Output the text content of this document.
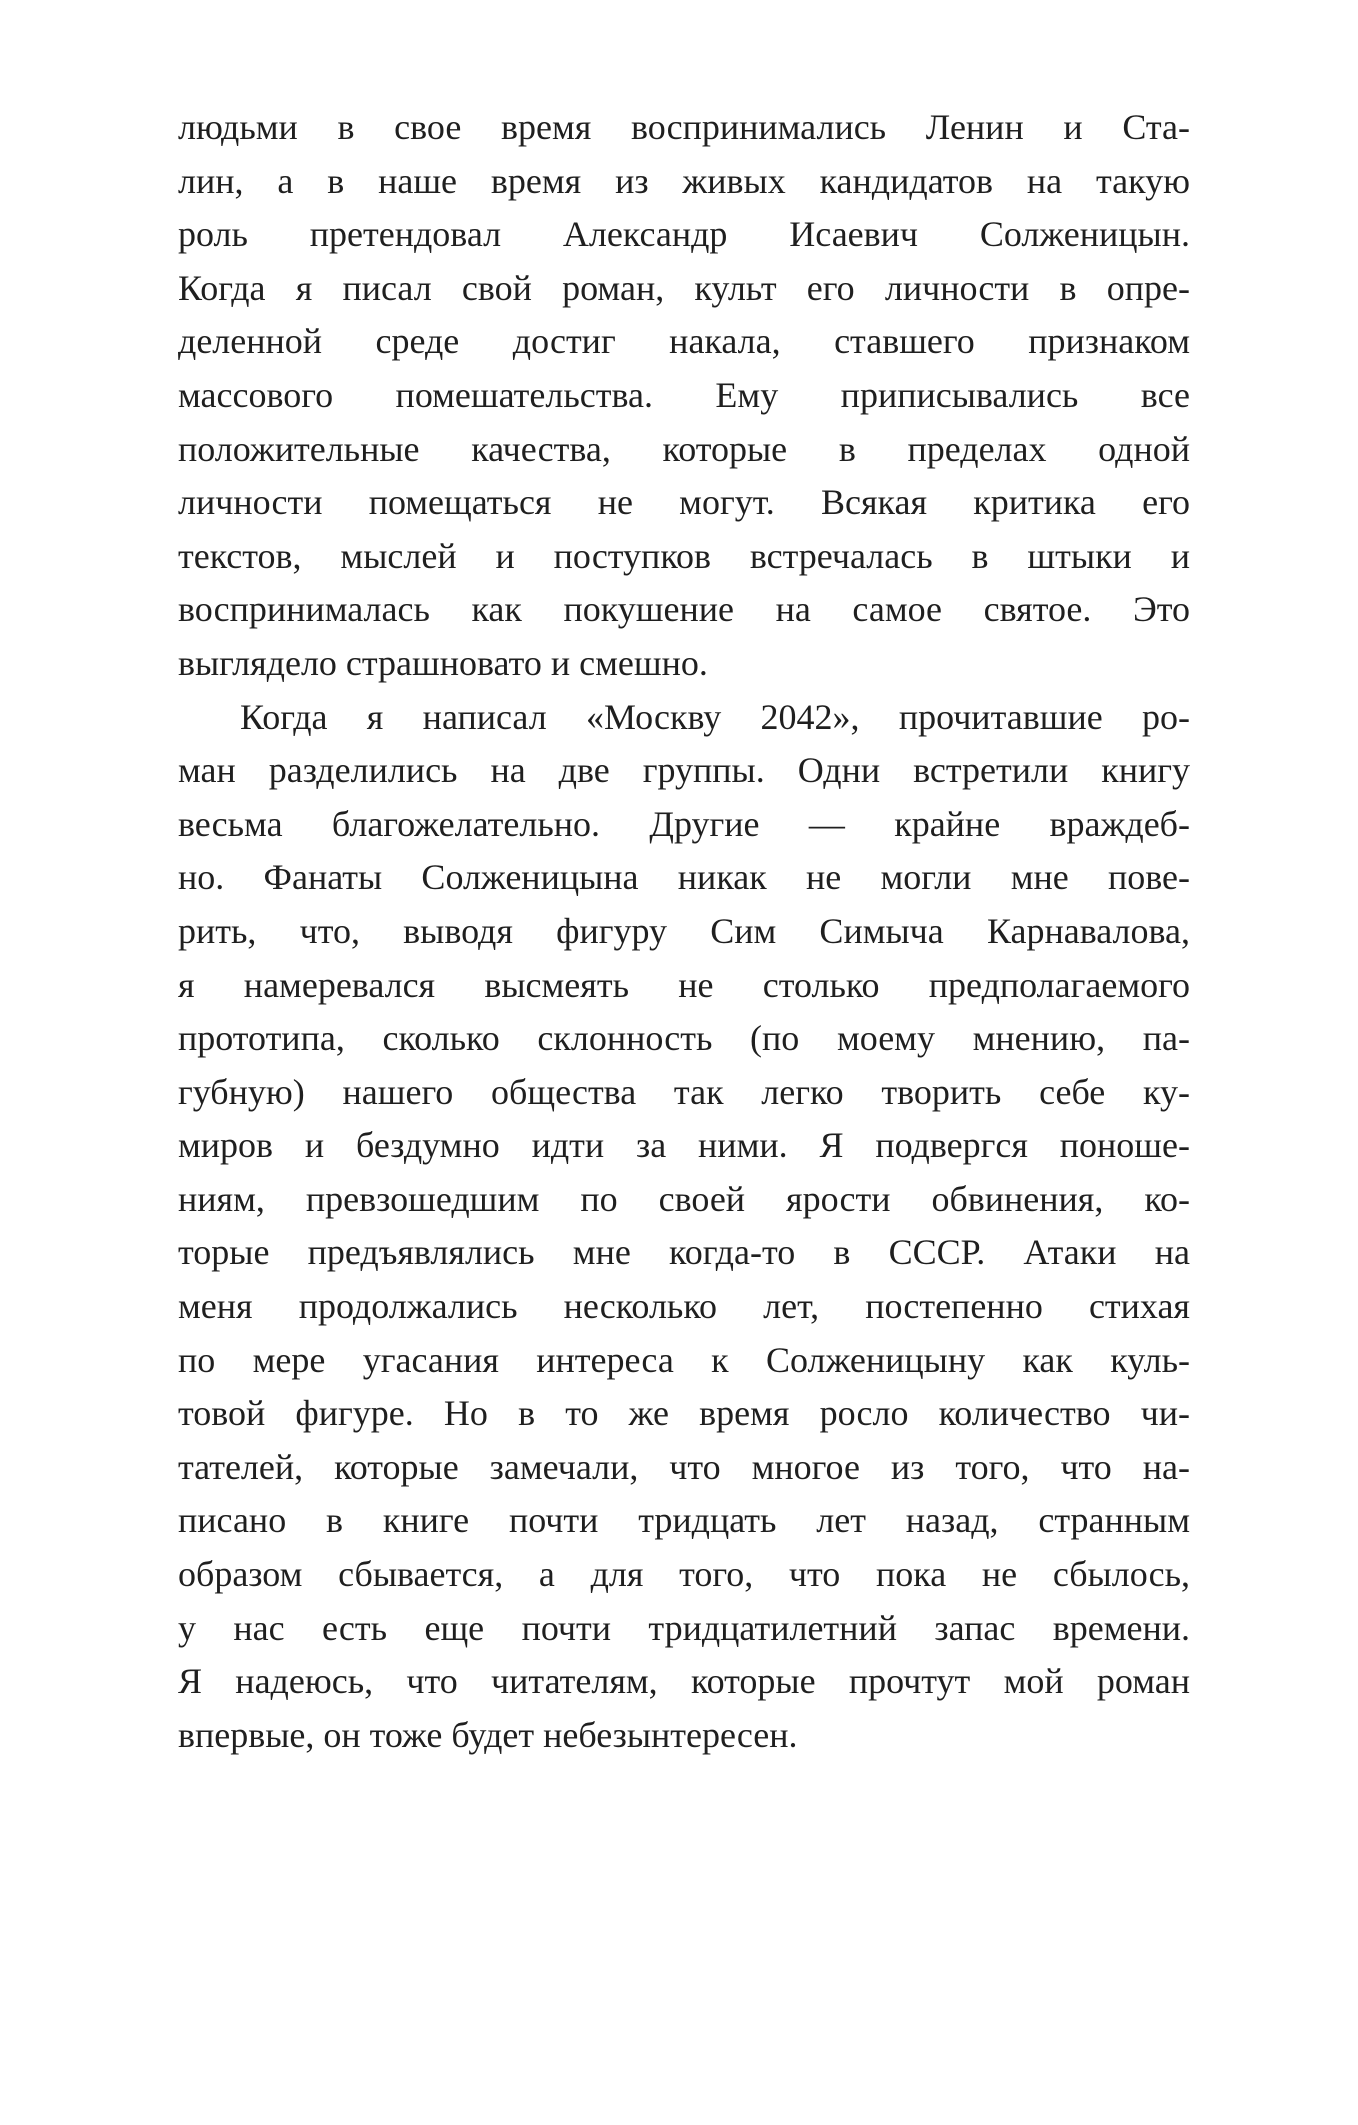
людьми в свое время воспринимались Ленин и Ста-
лин, а в наше время из живых кандидатов на такую
роль претендовал Александр Исаевич Солженицын.
Когда я писал свой роман, культ его личности в опре-
деленной среде достиг накала, ставшего признаком
массового помешательства. Ему приписывались все
положительные качества, которые в пределах одной
личности помещаться не могут. Всякая критика его
текстов, мыслей и поступков встречалась в штыки и
воспринималась как покушение на самое святое. Это
выглядело страшновато и смешно.
Когда я написал «Москву 2042», прочитавшие ро-
ман разделились на две группы. Одни встретили книгу
весьма благожелательно. Другие — крайне враждеб-
но. Фанаты Солженицына никак не могли мне пове-
рить, что, выводя фигуру Сим Симыча Карнавалова,
я намеревался высмеять не столько предполагаемого
прототипа, сколько склонность (по моему мнению, па-
губную) нашего общества так легко творить себе ку-
миров и бездумно идти за ними. Я подвергся поноше-
ниям, превзошедшим по своей ярости обвинения, ко-
торые предъявлялись мне когда-то в СССР. Атаки на
меня продолжались несколько лет, постепенно стихая
по мере угасания интереса к Солженицыну как куль-
товой фигуре. Но в то же время росло количество чи-
тателей, которые замечали, что многое из того, что на-
писано в книге почти тридцать лет назад, странным
образом сбывается, а для того, что пока не сбылось,
у нас есть еще почти тридцатилетний запас времени.
Я надеюсь, что читателям, которые прочтут мой роман
впервые, он тоже будет небезынтересен.
